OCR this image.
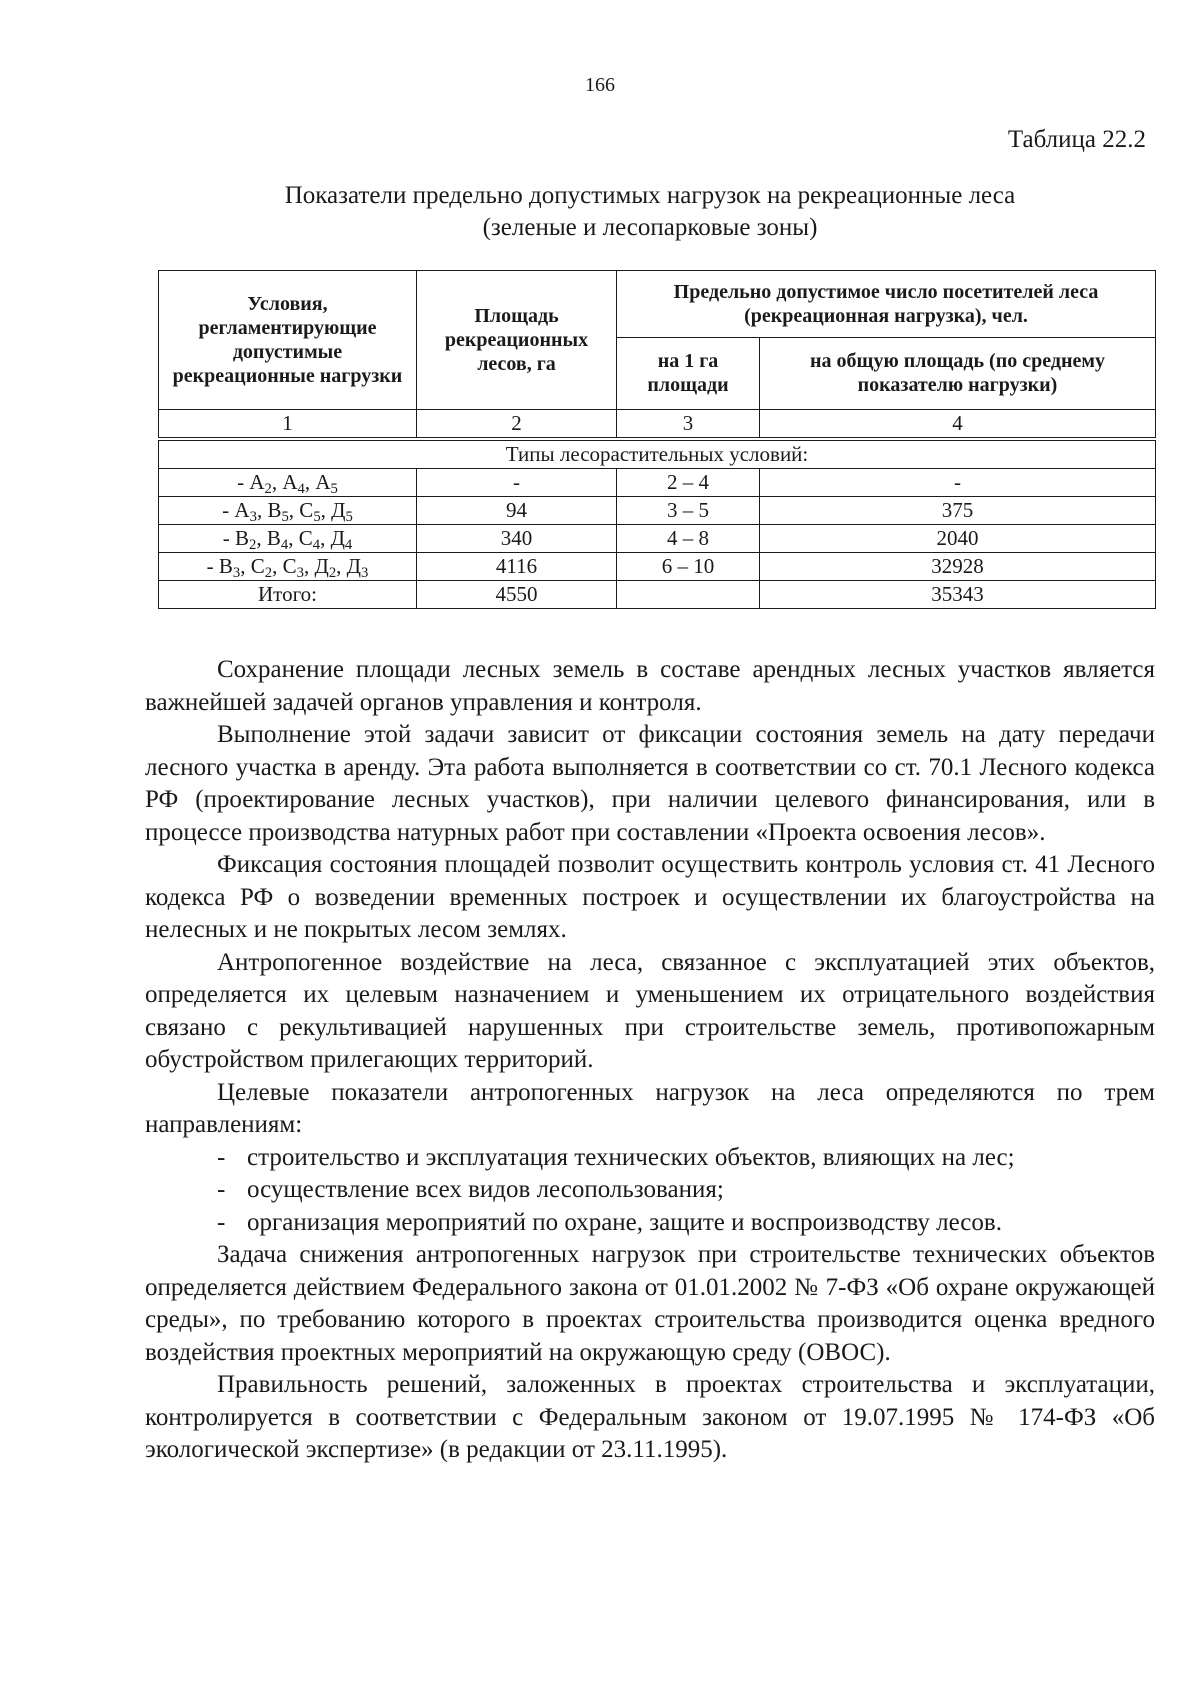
166
Таблица 22.2
Показатели предельно допустимых нагрузок на рекреационные леса
(зеленые и лесопарковые зоны)
Условия, регламентирующие допустимые рекреационные нагрузки	Площадь рекреационных лесов, га	Предельно допустимое число посетителей леса (рекреационная нагрузка), чел.	
		на 1 га площади	на общую площадь (по среднему показателю нагрузки)
1	2	3	4
Типы лесорастительных условий:			
- $А_2$, $А_4$, $А_5$	-	2 – 4	-
- $А_3$, $В_5$, $С_5$, $Д_5$	94	3 – 5	375
- $В_2$, $В_4$, $С_4$, $Д_4$	340	4 – 8	2040
- $В_3$, $С_2$, $С_3$, $Д_2$, $Д_3$	4116	6 – 10	32928
Итого:	4550		35343

Сохранение площади лесных земель в составе арендных лесных участков является важнейшей задачей органов управления и контроля.

Выполнение этой задачи зависит от фиксации состояния земель на дату передачи лесного участка в аренду. Эта работа выполняется в соответствии со ст. 70.1 Лесного кодекса РФ (проектирование лесных участков), при наличии целевого финансирования, или в процессе производства натурных работ при составлении «Проекта освоения лесов».

Фиксация состояния площадей позволит осуществить контроль условия ст. 41 Лесного кодекса РФ о возведении временных построек и осуществлении их благоустройства на нелесных и не покрытых лесом землях.

Антропогенное воздействие на леса, связанное с эксплуатацией этих объектов, определяется их целевым назначением и уменьшением их отрицательного воздействия связано с рекультивацией нарушенных при строительстве земель, противопожарным обустройством прилегающих территорий.

Целевые показатели антропогенных нагрузок на леса определяются по трем направлениям:

- строительство и эксплуатация технических объектов, влияющих на лес;
- осуществление всех видов лесопользования;
- организация мероприятий по охране, защите и воспроизводству лесов.

Задача снижения антропогенных нагрузок при строительстве технических объектов определяется действием Федерального закона от 01.01.2002 № 7-ФЗ «Об охране окружающей среды», по требованию которого в проектах строительства производится оценка вредного воздействия проектных мероприятий на окружающую среду (ОВОС).

Правильность решений, заложенных в проектах строительства и эксплуатации, контролируется в соответствии с Федеральным законом от 19.07.1995 № 174-ФЗ «Об экологической экспертизе» (в редакции от 23.11.1995).
